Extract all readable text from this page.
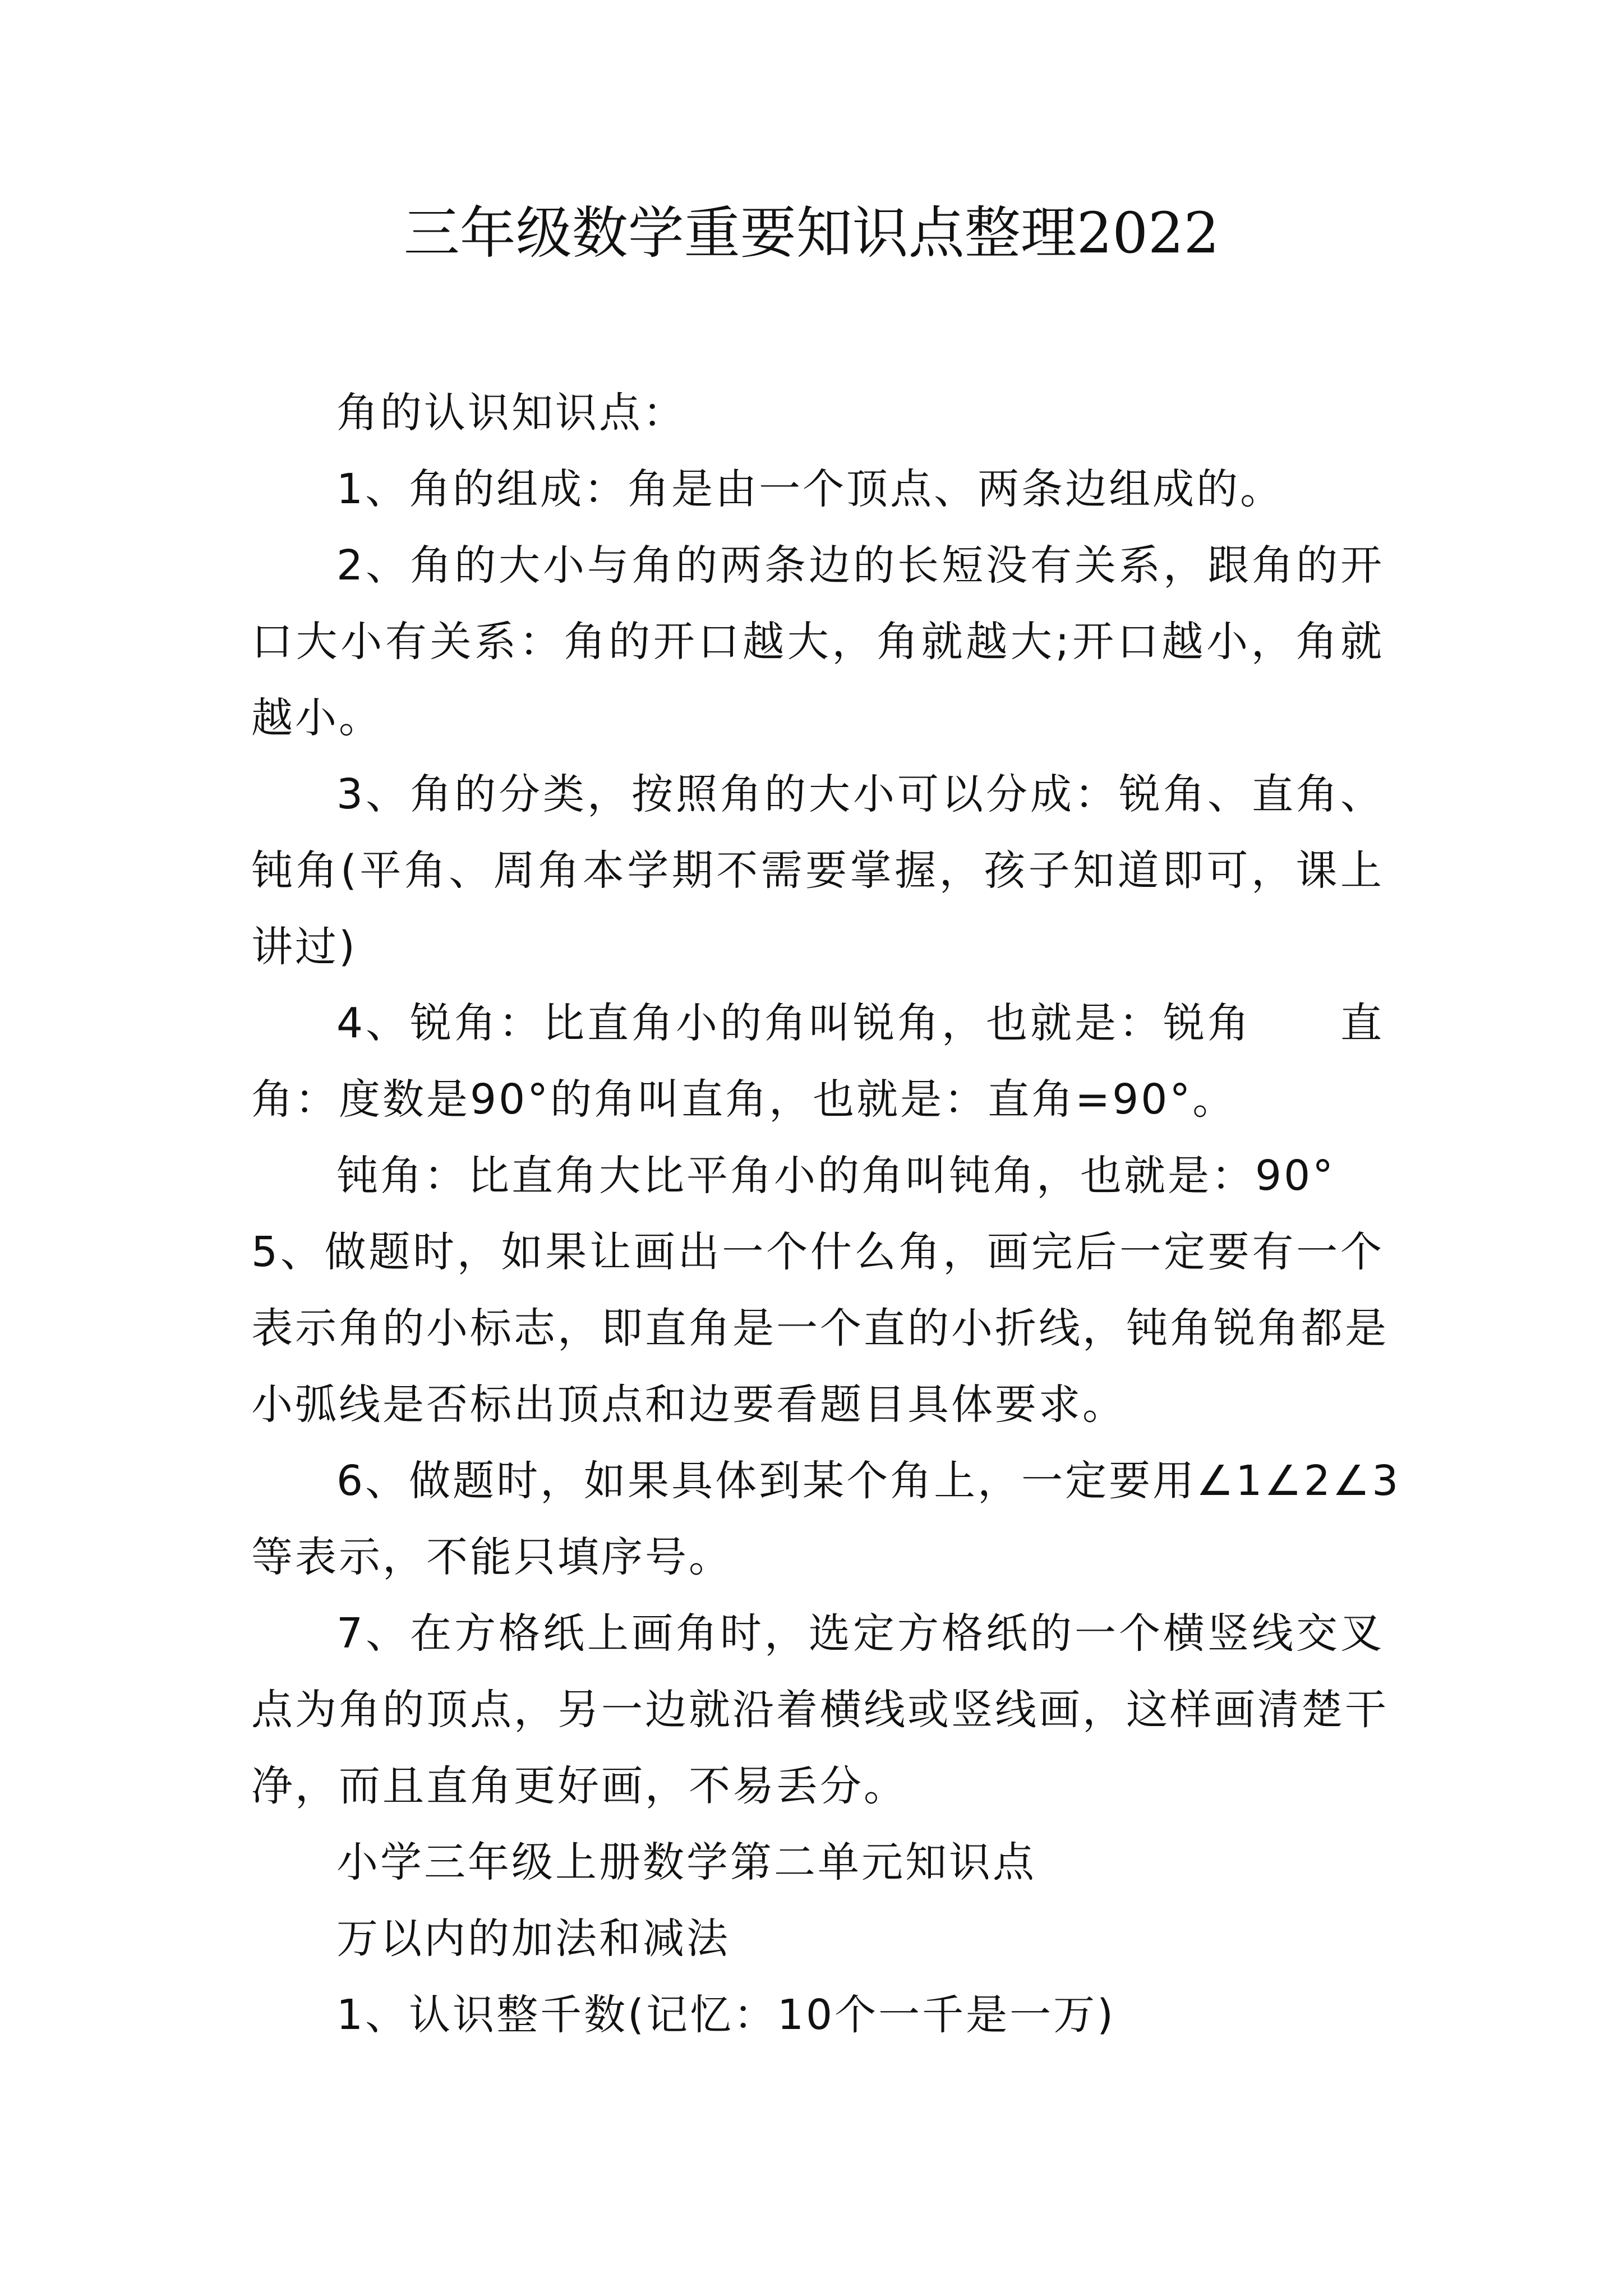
三年级数学重要知识点整理2022
角的认识知识点：
1、角的组成：角是由一个顶点、两条边组成的。
2、角的大小与角的两条边的长短没有关系，跟角的开
口大小有关系：角的开口越大，角就越大;开口越小，角就
越小。
3、角的分类，按照角的大小可以分成：锐角、直角、
钝角(平角、周角本学期不需要掌握，孩子知道即可，课上
讲过)
4、锐角：比直角小的角叫锐角，也就是：锐角　　直
角：度数是90°的角叫直角，也就是：直角=90°。
钝角：比直角大比平角小的角叫钝角，也就是：90°
5、做题时，如果让画出一个什么角，画完后一定要有一个
表示角的小标志，即直角是一个直的小折线，钝角锐角都是
小弧线是否标出顶点和边要看题目具体要求。
6、做题时，如果具体到某个角上，一定要用∠1∠2∠3
等表示，不能只填序号。
7、在方格纸上画角时，选定方格纸的一个横竖线交叉
点为角的顶点，另一边就沿着横线或竖线画，这样画清楚干
净，而且直角更好画，不易丢分。
小学三年级上册数学第二单元知识点
万以内的加法和减法
1、认识整千数(记忆：10个一千是一万)
